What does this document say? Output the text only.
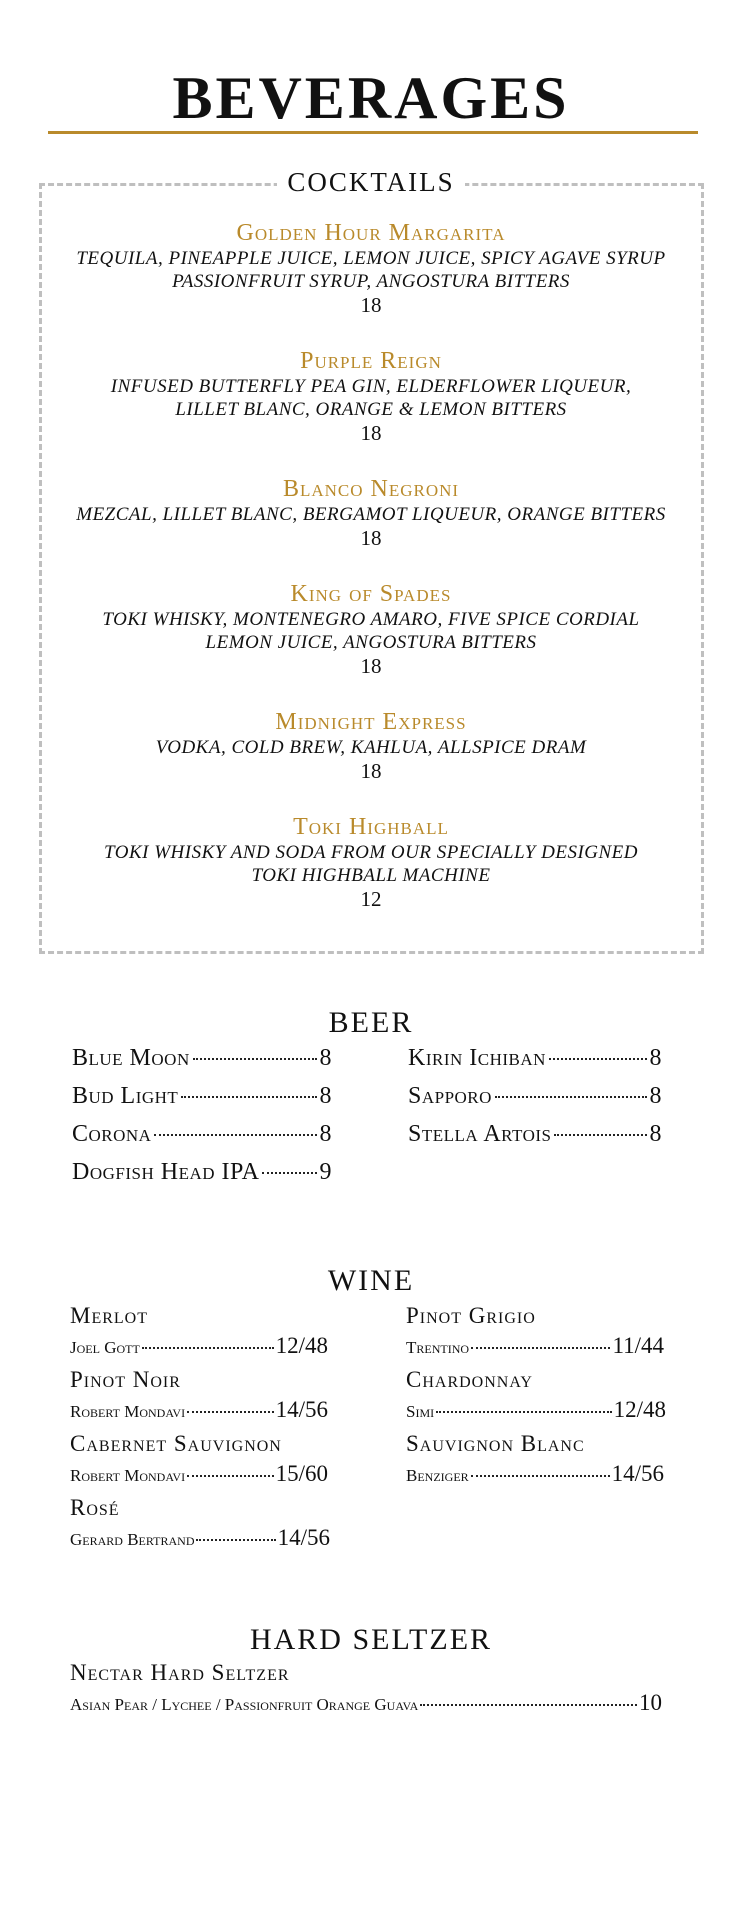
BEVERAGES
COCKTAILS
Golden Hour Margarita
TEQUILA, PINEAPPLE JUICE, LEMON JUICE, SPICY AGAVE SYRUP
PASSIONFRUIT SYRUP, ANGOSTURA BITTERS
18
Purple Reign
INFUSED BUTTERFLY PEA GIN, ELDERFLOWER LIQUEUR,
LILLET BLANC, ORANGE & LEMON BITTERS
18
Blanco Negroni
MEZCAL, LILLET BLANC, BERGAMOT LIQUEUR, ORANGE BITTERS
18
King of Spades
TOKI WHISKY, MONTENEGRO AMARO, FIVE SPICE CORDIAL
LEMON JUICE, ANGOSTURA BITTERS
18
Midnight Express
VODKA, COLD BREW, KAHLUA, ALLSPICE DRAM
18
Toki Highball
TOKI WHISKY AND SODA FROM OUR SPECIALLY DESIGNED
TOKI HIGHBALL MACHINE
12
BEER
Blue Moon	8
Bud Light	8
Corona	8
Dogfish Head IPA	9
Kirin Ichiban	8
Sapporo	8
Stella Artois	8
WINE
Merlot
Joel Gott	12/48
Pinot Noir
Robert Mondavi	14/56
Cabernet Sauvignon
Robert Mondavi	15/60
Rosé
Gerard Bertrand	14/56
Pinot Grigio
Trentino	11/44
Chardonnay
Simi	12/48
Sauvignon Blanc
Benziger	14/56
HARD SELTZER
Nectar Hard Seltzer
Asian Pear / Lychee / Passionfruit Orange Guava	10
